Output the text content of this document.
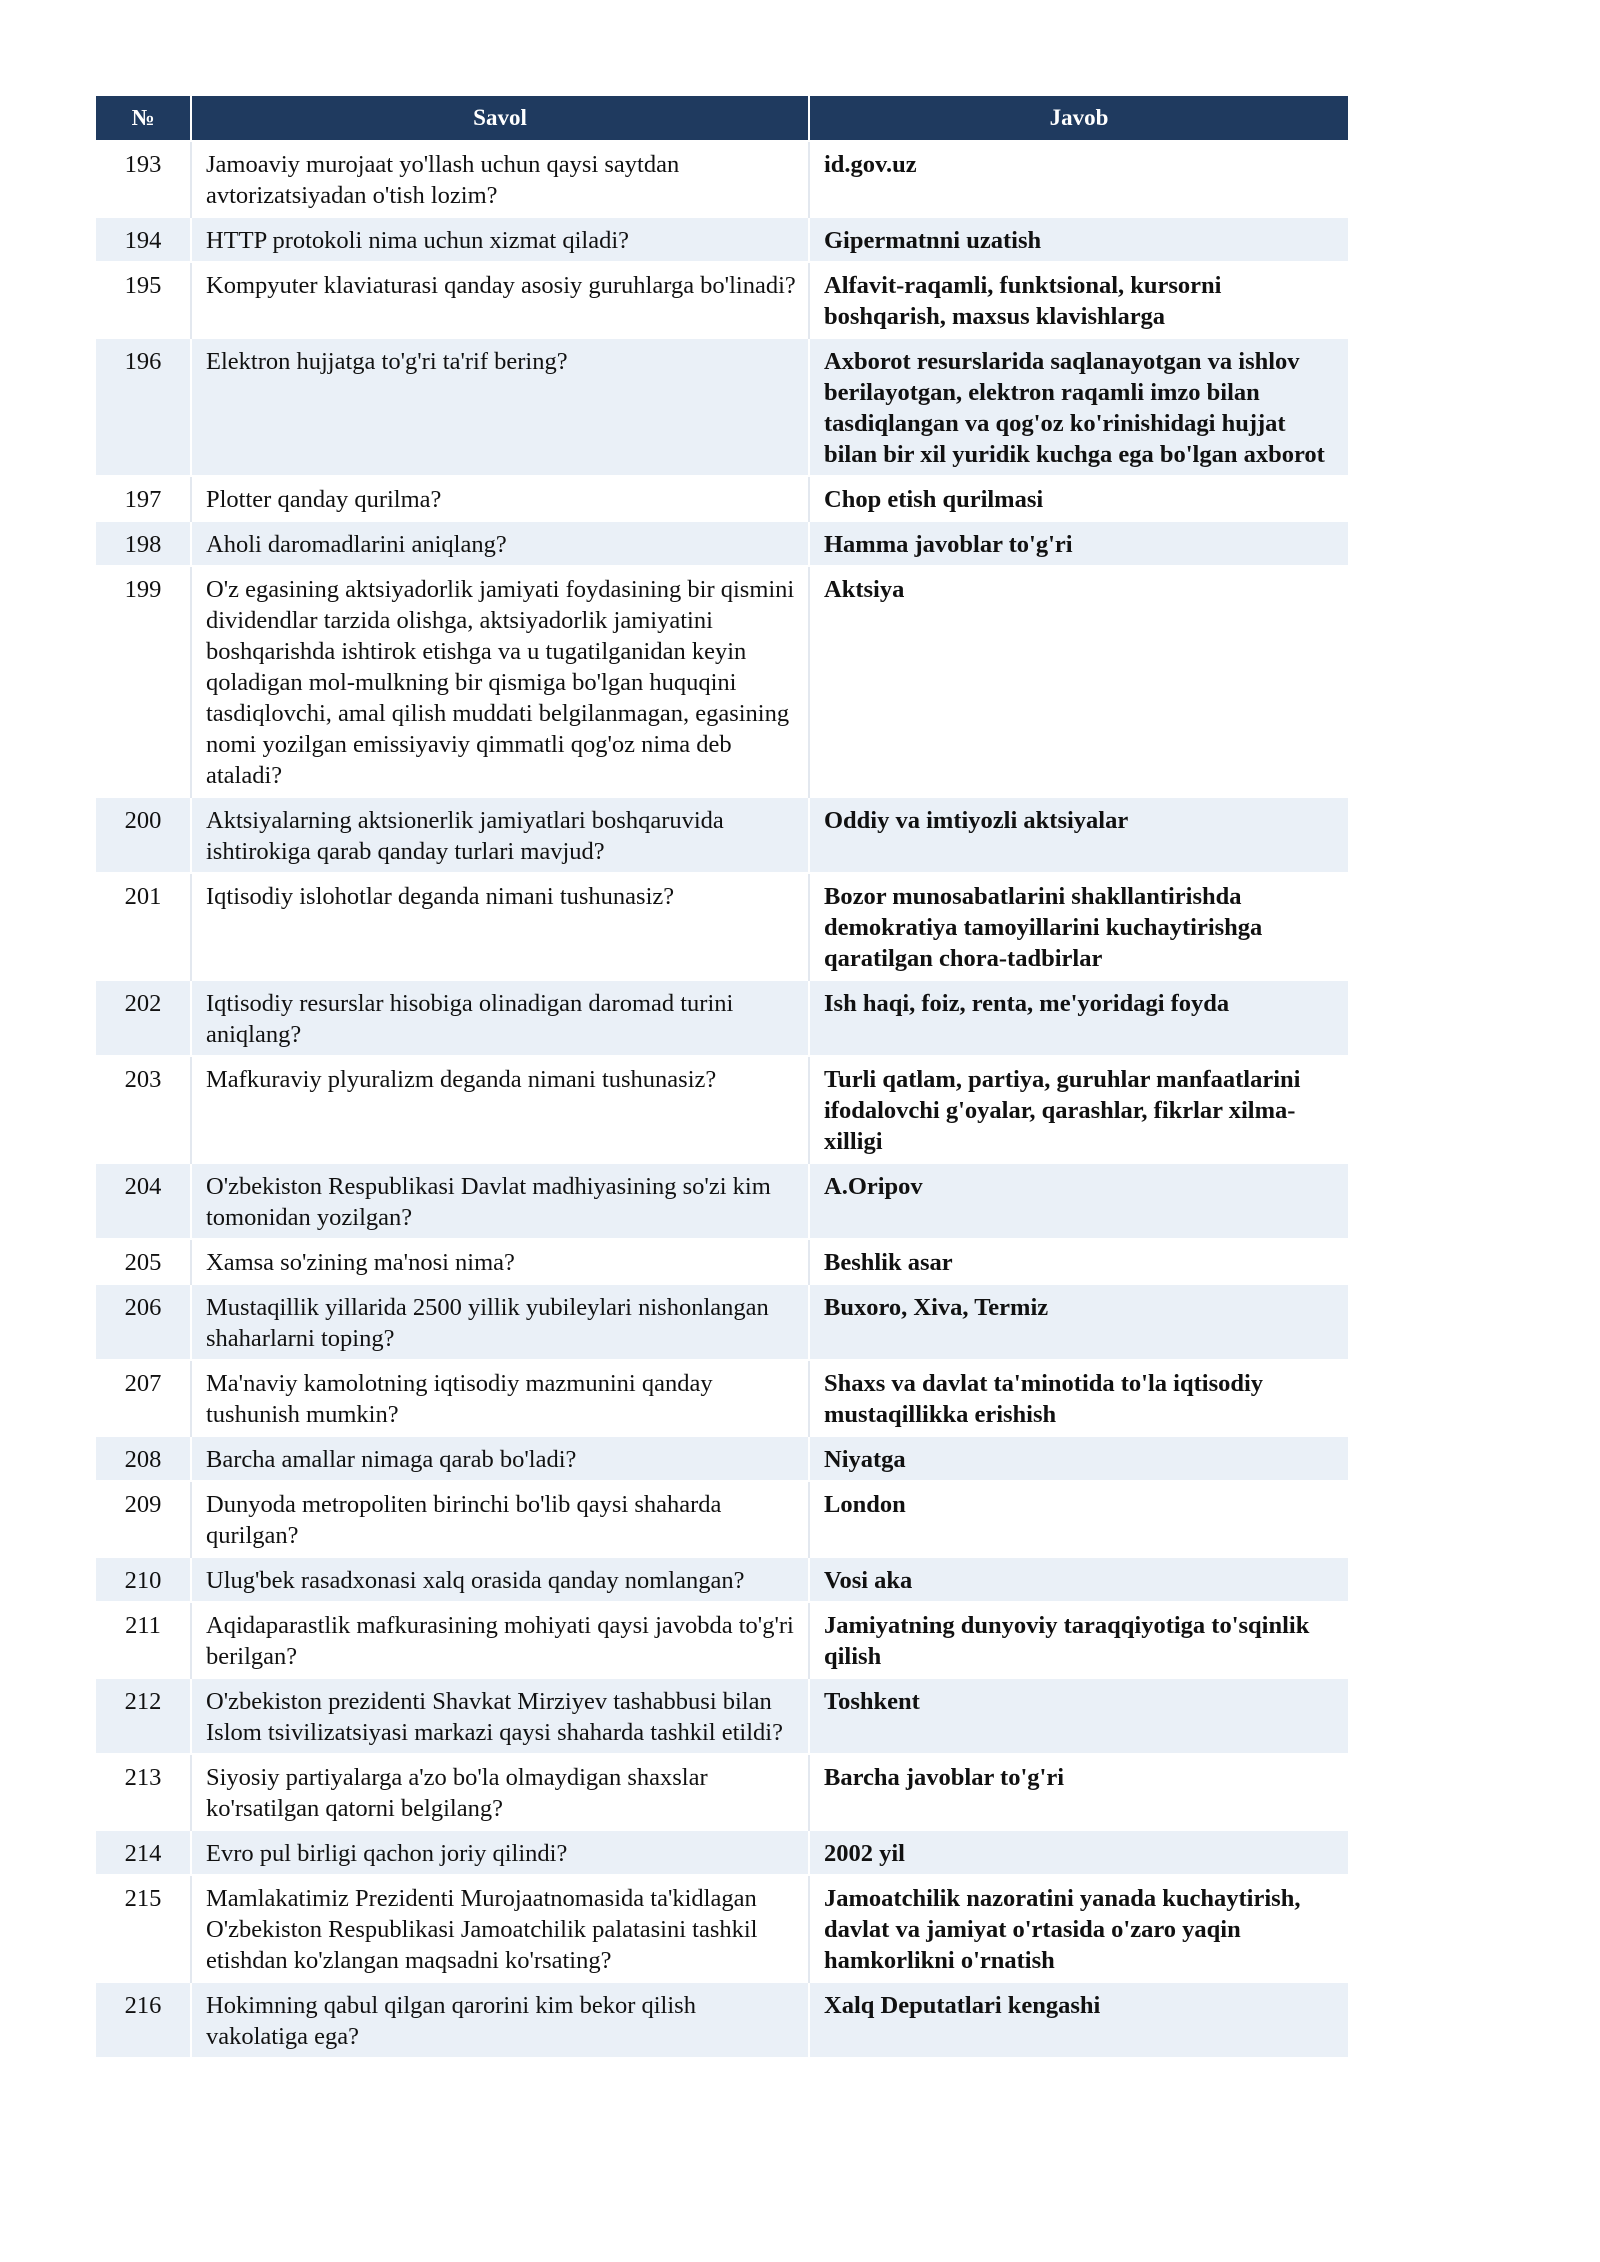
№	Savol	Javob
193	Jamoaviy murojaat yo'llash uchun qaysi saytdan avtorizatsiyadan o'tish lozim?	id.gov.uz
194	HTTP protokoli nima uchun xizmat qiladi?	Gipermatnni uzatish
195	Kompyuter klaviaturasi qanday asosiy guruhlarga bo'linadi?	Alfavit-raqamli, funktsional, kursorni boshqarish, maxsus klavishlarga
196	Elektron hujjatga to'g'ri ta'rif bering?	Axborot resurslarida saqlanayotgan va ishlov berilayotgan, elektron raqamli imzo bilan tasdiqlangan va qog'oz ko'rinishidagi hujjat bilan bir xil yuridik kuchga ega bo'lgan axborot
197	Plotter qanday qurilma?	Chop etish qurilmasi
198	Aholi daromadlarini aniqlang?	Hamma javoblar to'g'ri
199	O'z egasining aktsiyadorlik jamiyati foydasining bir qismini dividendlar tarzida olishga, aktsiyadorlik jamiyatini boshqarishda ishtirok etishga va u tugatilganidan keyin qoladigan mol-mulkning bir qismiga bo'lgan huquqini tasdiqlovchi, amal qilish muddati belgilanmagan, egasining nomi yozilgan emissiyaviy qimmatli qog'oz nima deb ataladi?	Aktsiya
200	Aktsiyalarning aktsionerlik jamiyatlari boshqaruvida ishtirokiga qarab qanday turlari mavjud?	Oddiy va imtiyozli aktsiyalar
201	Iqtisodiy islohotlar deganda nimani tushunasiz?	Bozor munosabatlarini shakllantirishda demokratiya tamoyillarini kuchaytirishga qaratilgan chora-tadbirlar
202	Iqtisodiy resurslar hisobiga olinadigan daromad turini aniqlang?	Ish haqi, foiz, renta, me'yoridagi foyda
203	Mafkuraviy plyuralizm deganda nimani tushunasiz?	Turli qatlam, partiya, guruhlar manfaatlarini ifodalovchi g'oyalar, qarashlar, fikrlar xilma-xilligi
204	O'zbekiston Respublikasi Davlat madhiyasining so'zi kim tomonidan yozilgan?	A.Oripov
205	Xamsa so'zining ma'nosi nima?	Beshlik asar
206	Mustaqillik yillarida 2500 yillik yubileylari nishonlangan shaharlarni toping?	Buxoro, Xiva, Termiz
207	Ma'naviy kamolotning iqtisodiy mazmunini qanday tushunish mumkin?	Shaxs va davlat ta'minotida to'la iqtisodiy mustaqillikka erishish
208	Barcha amallar nimaga qarab bo'ladi?	Niyatga
209	Dunyoda metropoliten birinchi bo'lib qaysi shaharda qurilgan?	London
210	Ulug'bek rasadxonasi xalq orasida qanday nomlangan?	Vosi aka
211	Aqidaparastlik mafkurasining mohiyati qaysi javobda to'g'ri berilgan?	Jamiyatning dunyoviy taraqqiyotiga to'sqinlik qilish
212	O'zbekiston prezidenti Shavkat Mirziyev tashabbusi bilan Islom tsivilizatsiyasi markazi qaysi shaharda tashkil etildi?	Toshkent
213	Siyosiy partiyalarga a'zo bo'la olmaydigan shaxslar ko'rsatilgan qatorni belgilang?	Barcha javoblar to'g'ri
214	Evro pul birligi qachon joriy qilindi?	2002 yil
215	Mamlakatimiz Prezidenti Murojaatnomasida ta'kidlagan O'zbekiston Respublikasi Jamoatchilik palatasini tashkil etishdan ko'zlangan maqsadni ko'rsating?	Jamoatchilik nazoratini yanada kuchaytirish, davlat va jamiyat o'rtasida o'zaro yaqin hamkorlikni o'rnatish
216	Hokimning qabul qilgan qarorini kim bekor qilish vakolatiga ega?	Xalq Deputatlari kengashi
